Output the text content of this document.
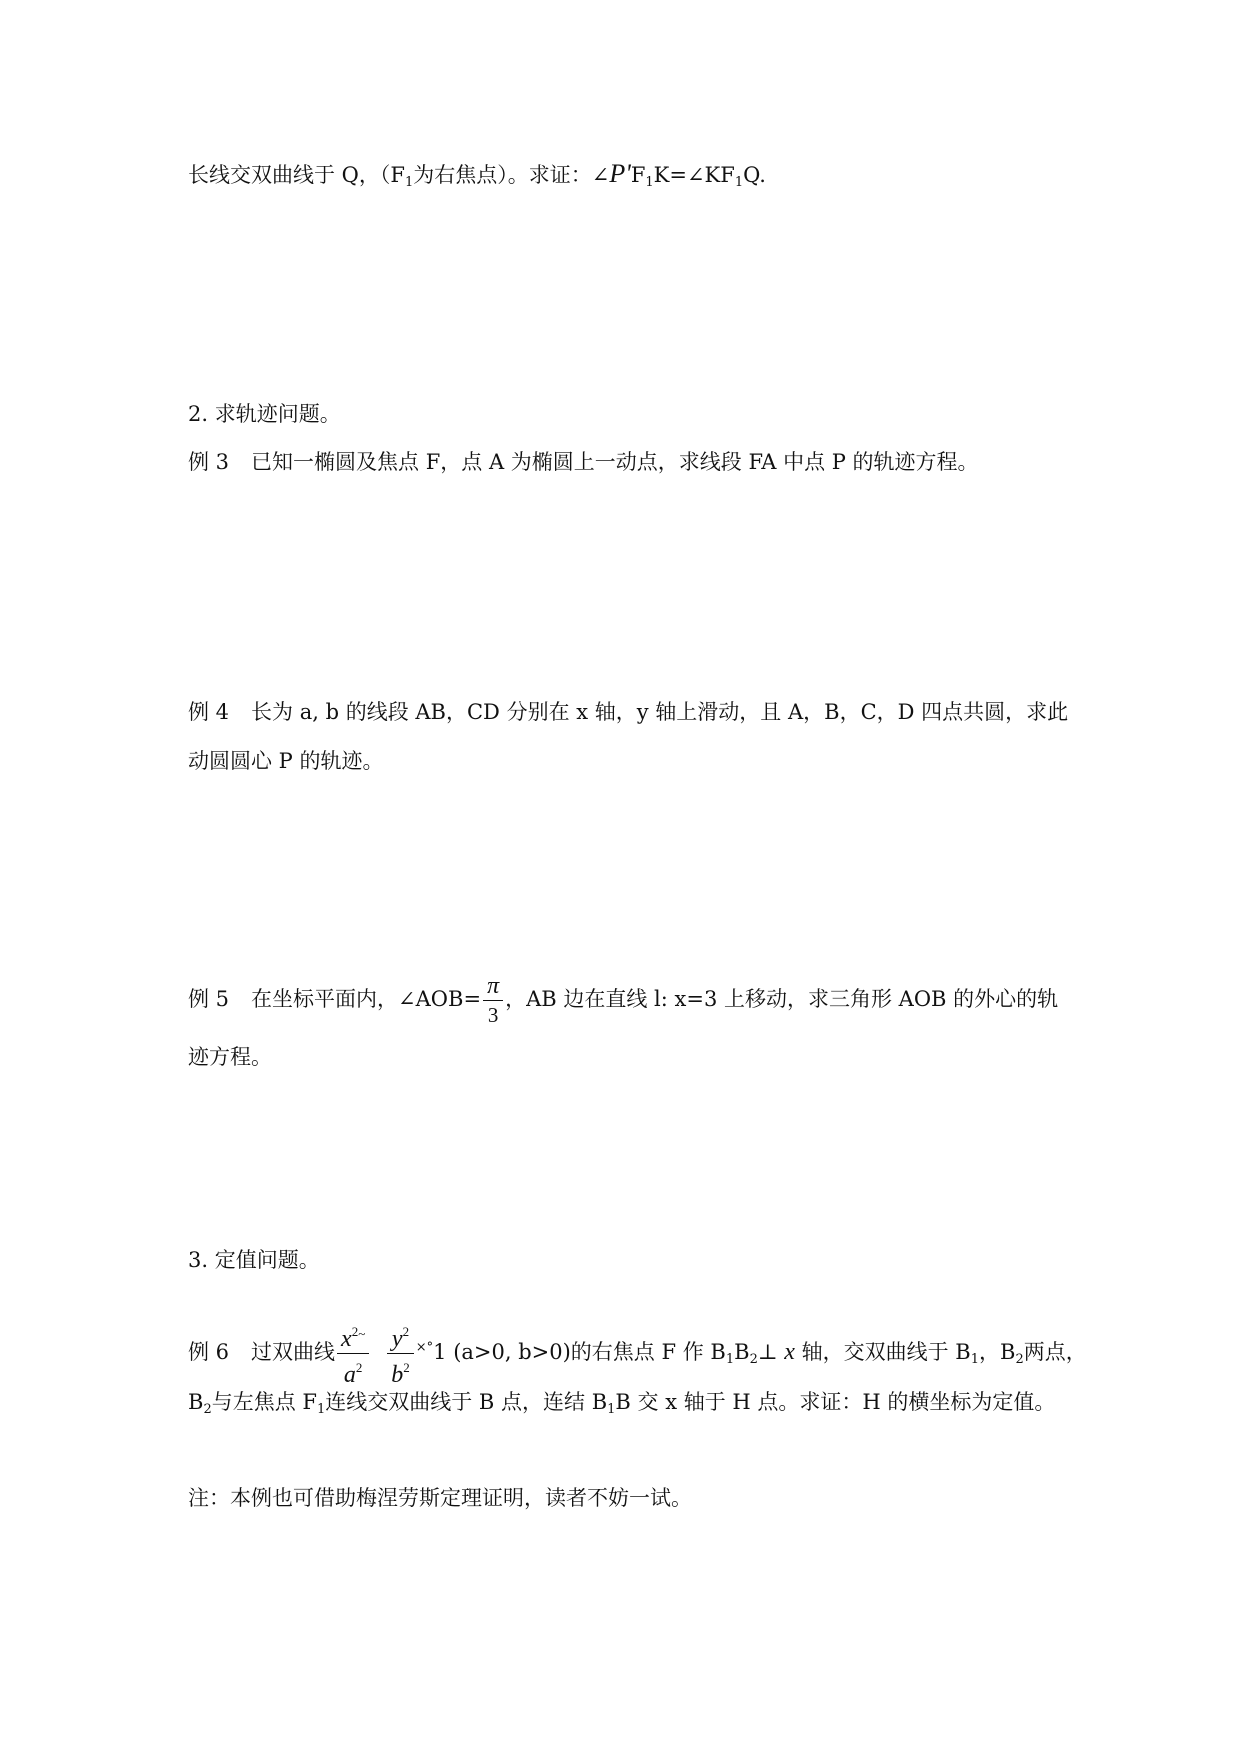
长线交双曲线于 Q，（$F_1$为右焦点）。求证：$\angle P'F_1K=\angle KF_1Q$.
2. 求轨迹问题。
例 3 已知一椭圆及焦点 F，点 A 为椭圆上一动点，求线段 FA 中点 P 的轨迹方程。
例 4 长为 a, b 的线段 AB，CD 分别在 x 轴，y 轴上滑动，且 A，B，C，D 四点共圆，求此
动圆圆心 P 的轨迹。
例 5 在坐标平面内，∠AOB= $\frac{\pi}{3}$ ，AB 边在直线 l: x=3 上移动，求三角形 AOB 的外心的轨
迹方程。
3. 定值问题。
例 6 过双曲线 $\frac{x^{2\sim}}{a^2} \frac{y^2}{b^2} ^{\times^\circ}1$ (a>0, b>0)的右焦点 F 作 $B_1B_2\perp$ x 轴，交双曲线于 $B_1$，$B_2$两点，
$B_2$与左焦点 $F_1$连线交双曲线于 B 点，连结 $B_1B$ 交 x 轴于 H 点。求证：H 的横坐标为定值。
注：本例也可借助梅涅劳斯定理证明，读者不妨一试。
